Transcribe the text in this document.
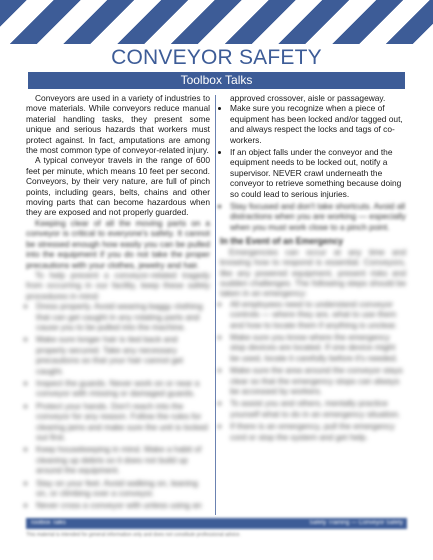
CONVEYOR SAFETY
Toolbox Talks

Conveyors are used in a variety of industries to move materials. While conveyors reduce manual material handling tasks, they present some unique and serious hazards that workers must protect against. In fact, amputations are among the most common type of conveyor-related injury.

A typical conveyor travels in the range of 600 feet per minute, which means 10 feet per second. Conveyors, by their very nature, are full of pinch points, including gears, belts, chains and other moving parts that can become hazardous when they are exposed and not properly guarded.

Keeping clear of all the moving parts on a conveyor is critical to everyone's safety. It cannot be stressed enough how easily you can be pulled into the equipment if you do not take the proper precautions with your clothes, jewelry and hair.

To help prevent a conveyor-related tragedy from occurring in our facility, keep these safety procedures in mind:

• Dress properly. Avoid wearing baggy clothing that can get caught in any rotating parts and cause you to be pulled into the machine.
• Make sure longer hair is tied back and properly secured. Take any necessary precautions so that your hair cannot get caught.
• Inspect the guards. Never work on or near a conveyor with missing or damaged guards.
• Protect your hands. Don't reach into the conveyor for any reason. Follow the rules for clearing jams and make sure the unit is locked out first.
• Keep housekeeping in mind. Make a habit of cleaning up debris so it does not build up around the equipment.
• Stay on your feet. Avoid walking on, leaning on, or climbing over a conveyor.
• Never cross a conveyor with unless using an

approved crossover, aisle or passageway.

• Make sure you recognize when a piece of equipment has been locked and/or tagged out, and always respect the locks and tags of co-workers.
• If an object falls under the conveyor and the equipment needs to be locked out, notify a supervisor. NEVER crawl underneath the conveyor to retrieve something because doing so could lead to serious injuries.
• Stay focused and don't take shortcuts. Avoid all distractions when you are working — especially when you must work close to a pinch point.
In the Event of an Emergency

Emergencies can occur at any time and knowing how to respond is essential. Conveyors, like any powered equipment, present risks and sudden challenges. The following steps should be taken in an emergency:

• All employees need to understand conveyor controls — where they are, what to use them and how to locate them if anything is unclear.
• Make sure you know where the emergency stop devices are located. If one device might be used, locate it carefully before it's needed.
• Make sure the area around the conveyor stays clear so that the emergency stops can always be accessed by workers.
• To assist you and others, mentally practice yourself what to do in an emergency situation.
• If there is an emergency, pull the emergency cord or stop the system and get help.
Toolbox Talks	Safety Training — Conveyor Safety
This material is intended for general information only and does not constitute professional advice.
